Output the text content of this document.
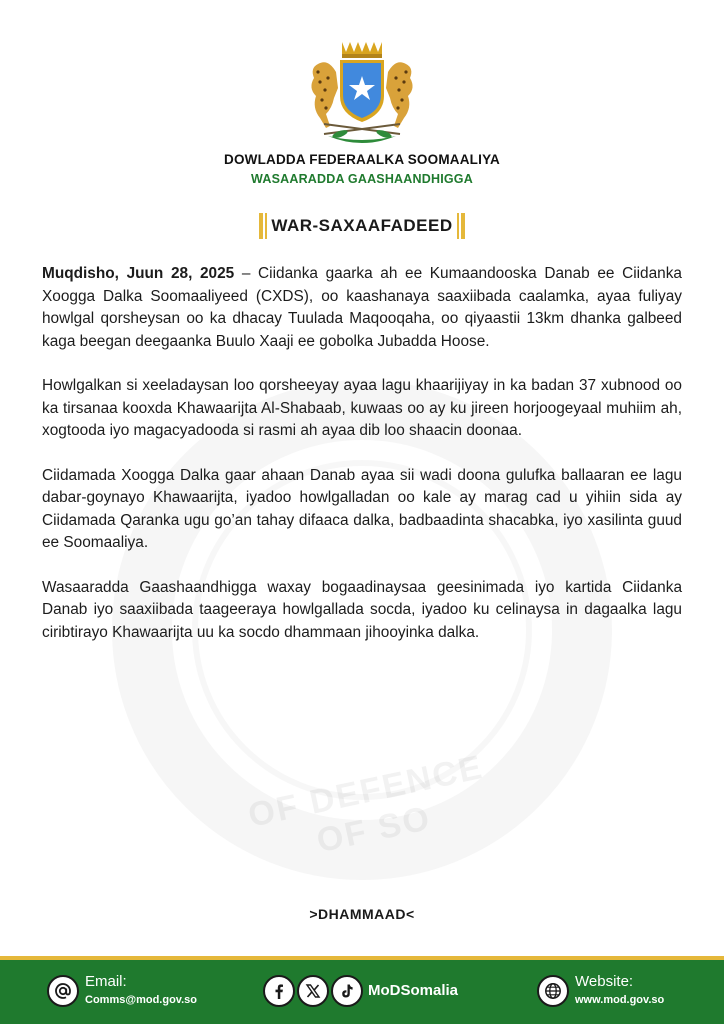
OF DEFENCE OF SO
DOWLADDA FEDERAALKA SOOMAALIYA
WASAARADDA GAASHAANDHIGGA
WAR-SAXAAFADEED

Muqdisho, Juun 28, 2025 – Ciidanka gaarka ah ee Kumaandooska Danab ee Ciidanka Xoogga Dalka Soomaaliyeed (CXDS), oo kaashanaya saaxiibada caalamka, ayaa fuliyay howlgal qorsheysan oo ka dhacay Tuulada Maqooqaha, oo qiyaastii 13km dhanka galbeed kaga beegan deegaanka Buulo Xaaji ee gobolka Jubadda Hoose.

Howlgalkan si xeeladaysan loo qorsheeyay ayaa lagu khaarijiyay in ka badan 37 xubnood oo ka tirsanaa kooxda Khawaarijta Al-Shabaab, kuwaas oo ay ku jireen horjoogeyaal muhiim ah, xogtooda iyo magacyadooda si rasmi ah ayaa dib loo shaacin doonaa.

Ciidamada Xoogga Dalka gaar ahaan Danab ayaa sii wadi doona gulufka ballaaran ee lagu dabar-goynayo Khawaarijta, iyadoo howlgalladan oo kale ay marag cad u yihiin sida ay Ciidamada Qaranka ugu go’an tahay difaaca dalka, badbaadinta shacabka, iyo xasilinta guud ee Soomaaliya.

Wasaaradda Gaashaandhigga waxay bogaadinaysaa geesinimada iyo kartida Ciidanka Danab iyo saaxiibada taageeraya howlgallada socda, iyadoo ku celinaysa in dagaalka lagu ciribtirayo Khawaarijta uu ka socdo dhammaan jihooyinka dalka.

>DHAMMAAD<
Email:
Comms@mod.gov.so
MoDSomalia
Website:
www.mod.gov.so
